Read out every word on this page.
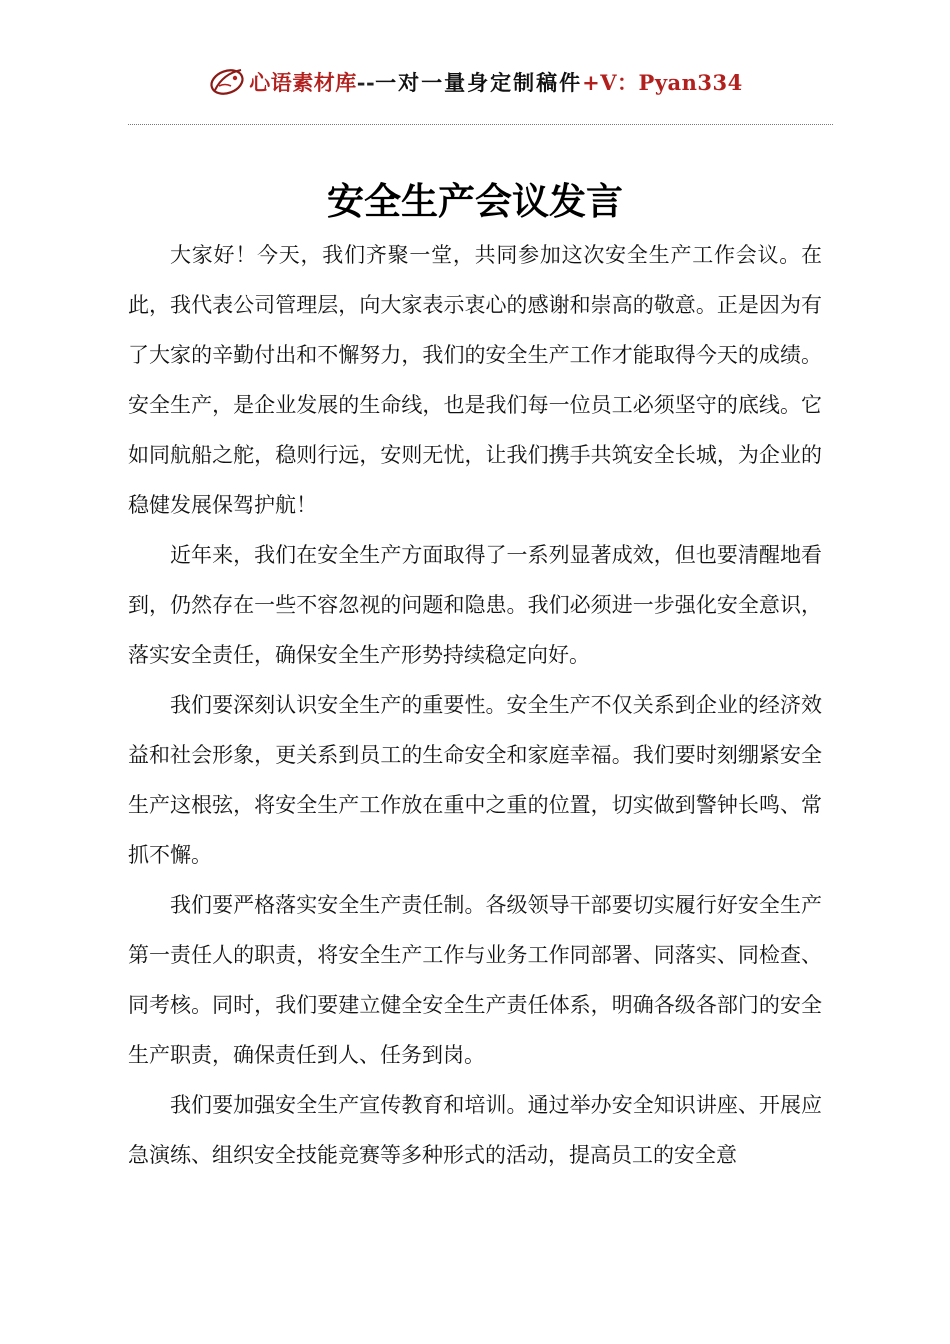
心语素材库--一对一量身定制稿件+V：Pyan334
安全生产会议发言

大家好！今天，我们齐聚一堂，共同参加这次安全生产工作会议。在此，我代表公司管理层，向大家表示衷心的感谢和崇高的敬意。正是因为有了大家的辛勤付出和不懈努力，我们的安全生产工作才能取得今天的成绩。安全生产，是企业发展的生命线，也是我们每一位员工必须坚守的底线。它如同航船之舵，稳则行远，安则无忧，让我们携手共筑安全长城，为企业的稳健发展保驾护航！

近年来，我们在安全生产方面取得了一系列显著成效，但也要清醒地看到，仍然存在一些不容忽视的问题和隐患。我们必须进一步强化安全意识，落实安全责任，确保安全生产形势持续稳定向好。

我们要深刻认识安全生产的重要性。安全生产不仅关系到企业的经济效益和社会形象，更关系到员工的生命安全和家庭幸福。我们要时刻绷紧安全生产这根弦，将安全生产工作放在重中之重的位置，切实做到警钟长鸣、常抓不懈。

我们要严格落实安全生产责任制。各级领导干部要切实履行好安全生产第一责任人的职责，将安全生产工作与业务工作同部署、同落实、同检查、同考核。同时，我们要建立健全安全生产责任体系，明确各级各部门的安全生产职责，确保责任到人、任务到岗。

我们要加强安全生产宣传教育和培训。通过举办安全知识讲座、开展应急演练、组织安全技能竞赛等多种形式的活动，提高员工的安全意
